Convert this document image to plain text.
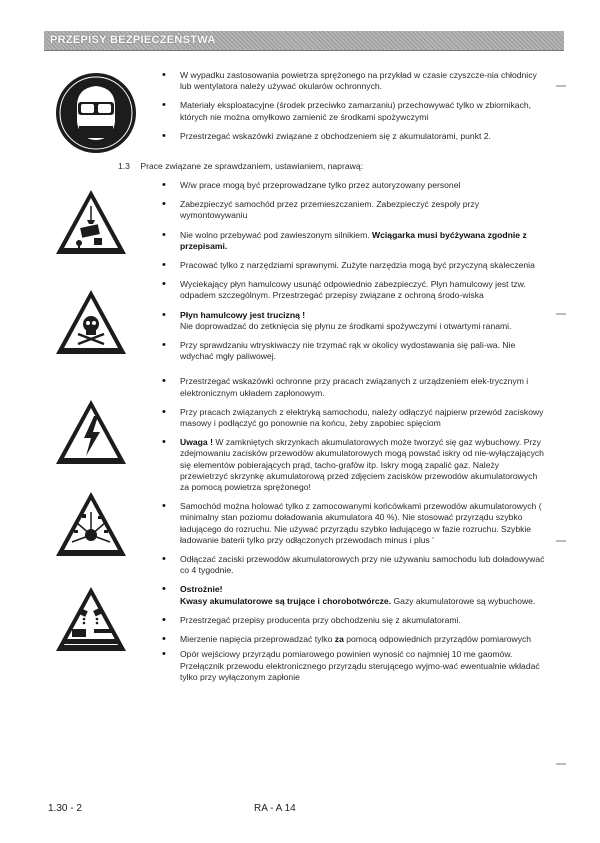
PRZEPISY BEZPIECZEŃSTWA
• W wypadku zastosowania powietrza sprężonego na przykład w czasie czyszcze-nia chłodnicy lub wentylatora należy używać okularów ochronnych.
• Materiały eksploatacyjne (środek przeciwko zamarzaniu) przechowywać tylko w zbiornikach, których nie można omyłkowo zamienić ze środkami spożywczymi
• Przestrzegać wskazówki związane z obchodzeniem się z akumulatorami, punkt 2.
1.3 Prace związane ze sprawdzaniem, ustawianiem, naprawą:
• W/w prace mogą być przeprowadzane tylko przez autoryzowany personel
• Zabezpieczyć samochód przez przemieszczaniem. Zabezpieczyć zespoły przy wymontowywaniu
• Nie wolno przebywać pod zawieszonym silnikiem. Wciągarka musi byćżywana zgodnie z przepisami.
• Pracować tylko z narzędziami sprawnymi. Zużyte narzędzia mogą być przyczyną skaleczenia
• Wyciekający płyn hamulcowy usunąć odpowiednio zabezpieczyć. Płyn hamulcowy jest tzw. odpadem szczególnym. Przestrzegać przepisy związane z ochroną środo-wiska
• Płyn hamulcowy jest trucizną !
Nie doprowadzać do zetknięcia się płynu ze środkami spożywczymi i otwartymi ranami.
• Przy sprawdzaniu wtryskiwaczy nie trzymać rąk w okolicy wydostawania się pali-wa. Nie wdychać mgły paliwowej.
• Przestrzegać wskazówki ochronne przy pracach związanych z urządzeniem elek-trycznym i elektronicznym układem zapłonowym.
• Przy pracach związanych z elektryką samochodu, należy odłączyć najpierw przewód zaciskowy masowy i podłączyć go ponownie na końcu, żeby zapobiec spięciom
• Uwaga ! W zamkniętych skrzynkach akumulatorowych może tworzyć się gaz wybuchowy. Przy zdejmowaniu zacisków przewodów akumulatorowych mogą powstać iskry od nie-wyłączających się elementów pobierających prąd, tacho-grafów itp. Iskry mogą zapalić gaz. Należy przewietrzyć skrzynkę akumulatorową przed zdjęciem zacisków przewodów akumulatorowych za pomocą powietrza sprężonego!
• Samochód można holować tylko z zamocowanymi końcówkami przewodów akumulatorowych ( minimalny stan poziomu doładowania akumulatora 40 %). Nie stosować przyrządu szybko ładującego do rozruchu. Nie używać przyrządu szybko ładującego w fazie rozruchu. Szybkie ładowanie baterii tylko przy odłączonych przewodach minus i plus '
• Odłączać zaciski przewodów akumulatorowych przy nie używaniu samochodu lub doładowywać co 4 tygodnie.
• Ostrożnie!
Kwasy akumulatorowe są trujące i chorobotwórcze. Gazy akumulatorowe są wybuchowe.
• Przestrzegać przepisy producenta przy obchodzeniu się z akumulatorami.
• Mierzenie napięcia przeprowadzać tylko za pomocą odpowiednich przyrządów pomiarowych
• Opór wejściowy przyrządu pomiarowego powinien wynosić co najmniej 10 me gaomów. Przełącznik przewodu elektronicznego przyrządu sterującego wyjmo-wać ewentualnie wkładać tylko przy wyłączonym zapłonie
1.30 - 2	RA - A 14
